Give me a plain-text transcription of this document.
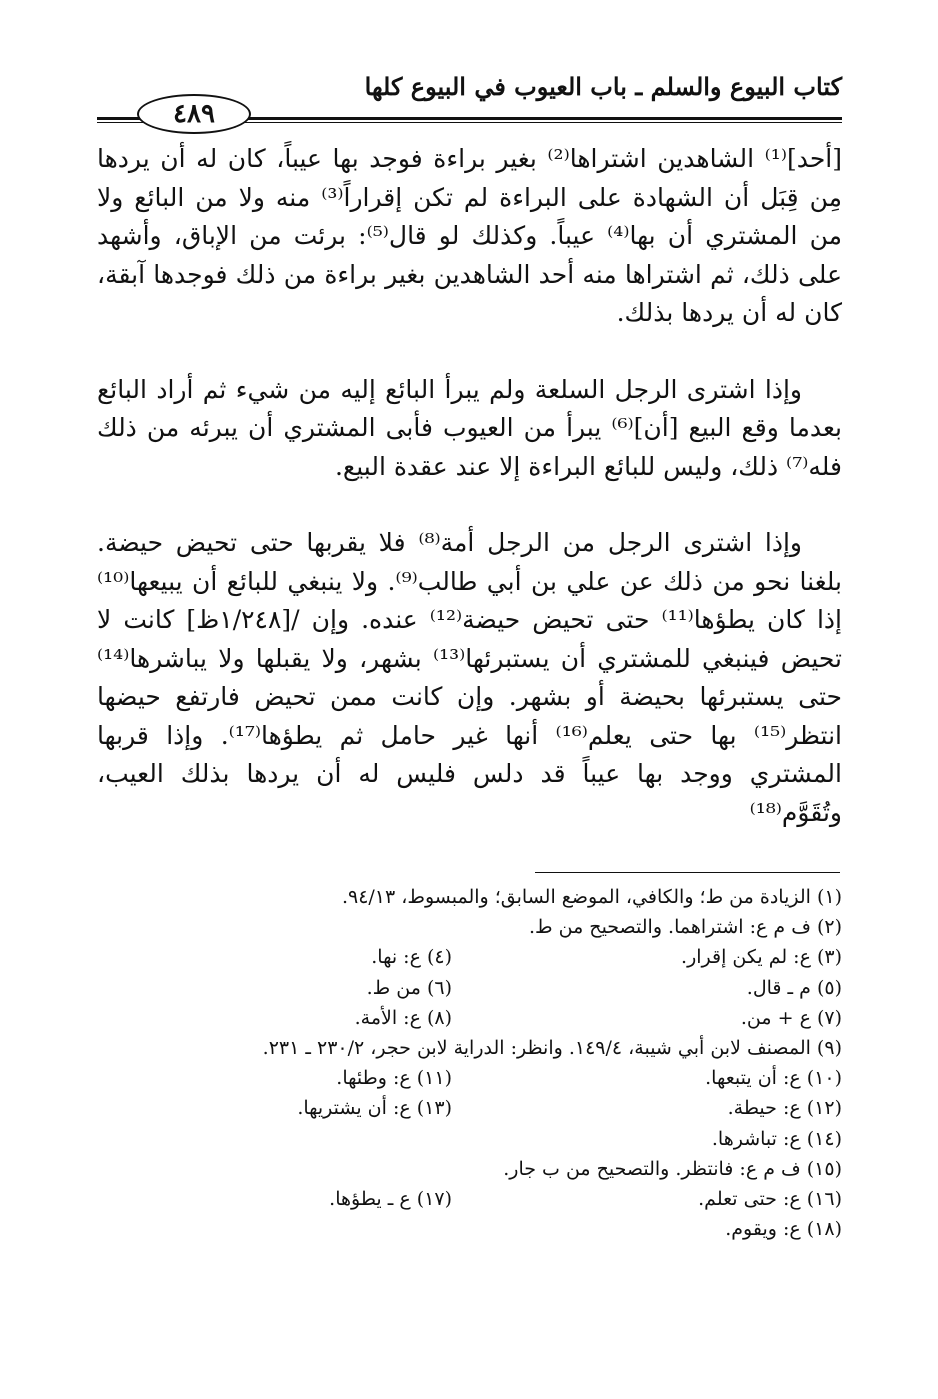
كتاب البيوع والسلم ـ باب العيوب في البيوع كلها
٤٨٩

[أحد]⁽¹⁾ الشاهدين اشتراها⁽²⁾ بغير براءة فوجد بها عيباً، كان له أن يردها مِن قِبَل أن الشهادة على البراءة لم تكن إقراراً⁽³⁾ منه ولا من البائع ولا من المشتري أن بها⁽⁴⁾ عيباً. وكذلك لو قال⁽⁵⁾: برئت من الإباق، وأشهد على ذلك، ثم اشتراها منه أحد الشاهدين بغير براءة من ذلك فوجدها آبقة، كان له أن يردها بذلك.

وإذا اشترى الرجل السلعة ولم يبرأ البائع إليه من شيء ثم أراد البائع بعدما وقع البيع [أن]⁽⁶⁾ يبرأ من العيوب فأبى المشتري أن يبرئه من ذلك فله⁽⁷⁾ ذلك، وليس للبائع البراءة إلا عند عقدة البيع.

وإذا اشترى الرجل من الرجل أمة⁽⁸⁾ فلا يقربها حتى تحيض حيضة. بلغنا نحو من ذلك عن علي بن أبي طالب⁽⁹⁾. ولا ينبغي للبائع أن يبيعها⁽¹⁰⁾ إذا كان يطؤها⁽¹¹⁾ حتى تحيض حيضة⁽¹²⁾ عنده. وإن /[١/٢٤٨ظ] كانت لا تحيض فينبغي للمشتري أن يستبرئها⁽¹³⁾ بشهر، ولا يقبلها ولا يباشرها⁽¹⁴⁾ حتى يستبرئها بحيضة أو بشهر. وإن كانت ممن تحيض فارتفع حيضها انتظر⁽¹⁵⁾ بها حتى يعلم⁽¹⁶⁾ أنها غير حامل ثم يطؤها⁽¹⁷⁾. وإذا قربها المشتري ووجد بها عيباً قد دلس فليس له أن يردها بذلك العيب، وتُقَوَّم⁽¹⁸⁾

(١) الزيادة من ط؛ والكافي، الموضع السابق؛ والمبسوط، ٩٤/١٣.
(٢) ف م ع: اشتراهما. والتصحيح من ط.
(٣) ع: لم يكن إقرار.
(٤) ع: نها.
(٥) م ـ قال.
(٦) من ط.
(٧) ع + من.
(٨) ع: الأمة.
(٩) المصنف لابن أبي شيبة، ١٤٩/٤. وانظر: الدراية لابن حجر، ٢٣٠/٢ ـ ٢٣١.
(١٠) ع: أن يتبعها.
(١١) ع: وطئها.
(١٢) ع: حيطة.
(١٣) ع: أن يشتريها.
(١٤) ع: تباشرها.
(١٥) ف م ع: فانتظر. والتصحيح من ب جار.
(١٦) ع: حتى تعلم.
(١٧) ع ـ يطؤها.
(١٨) ع: ويقوم.
